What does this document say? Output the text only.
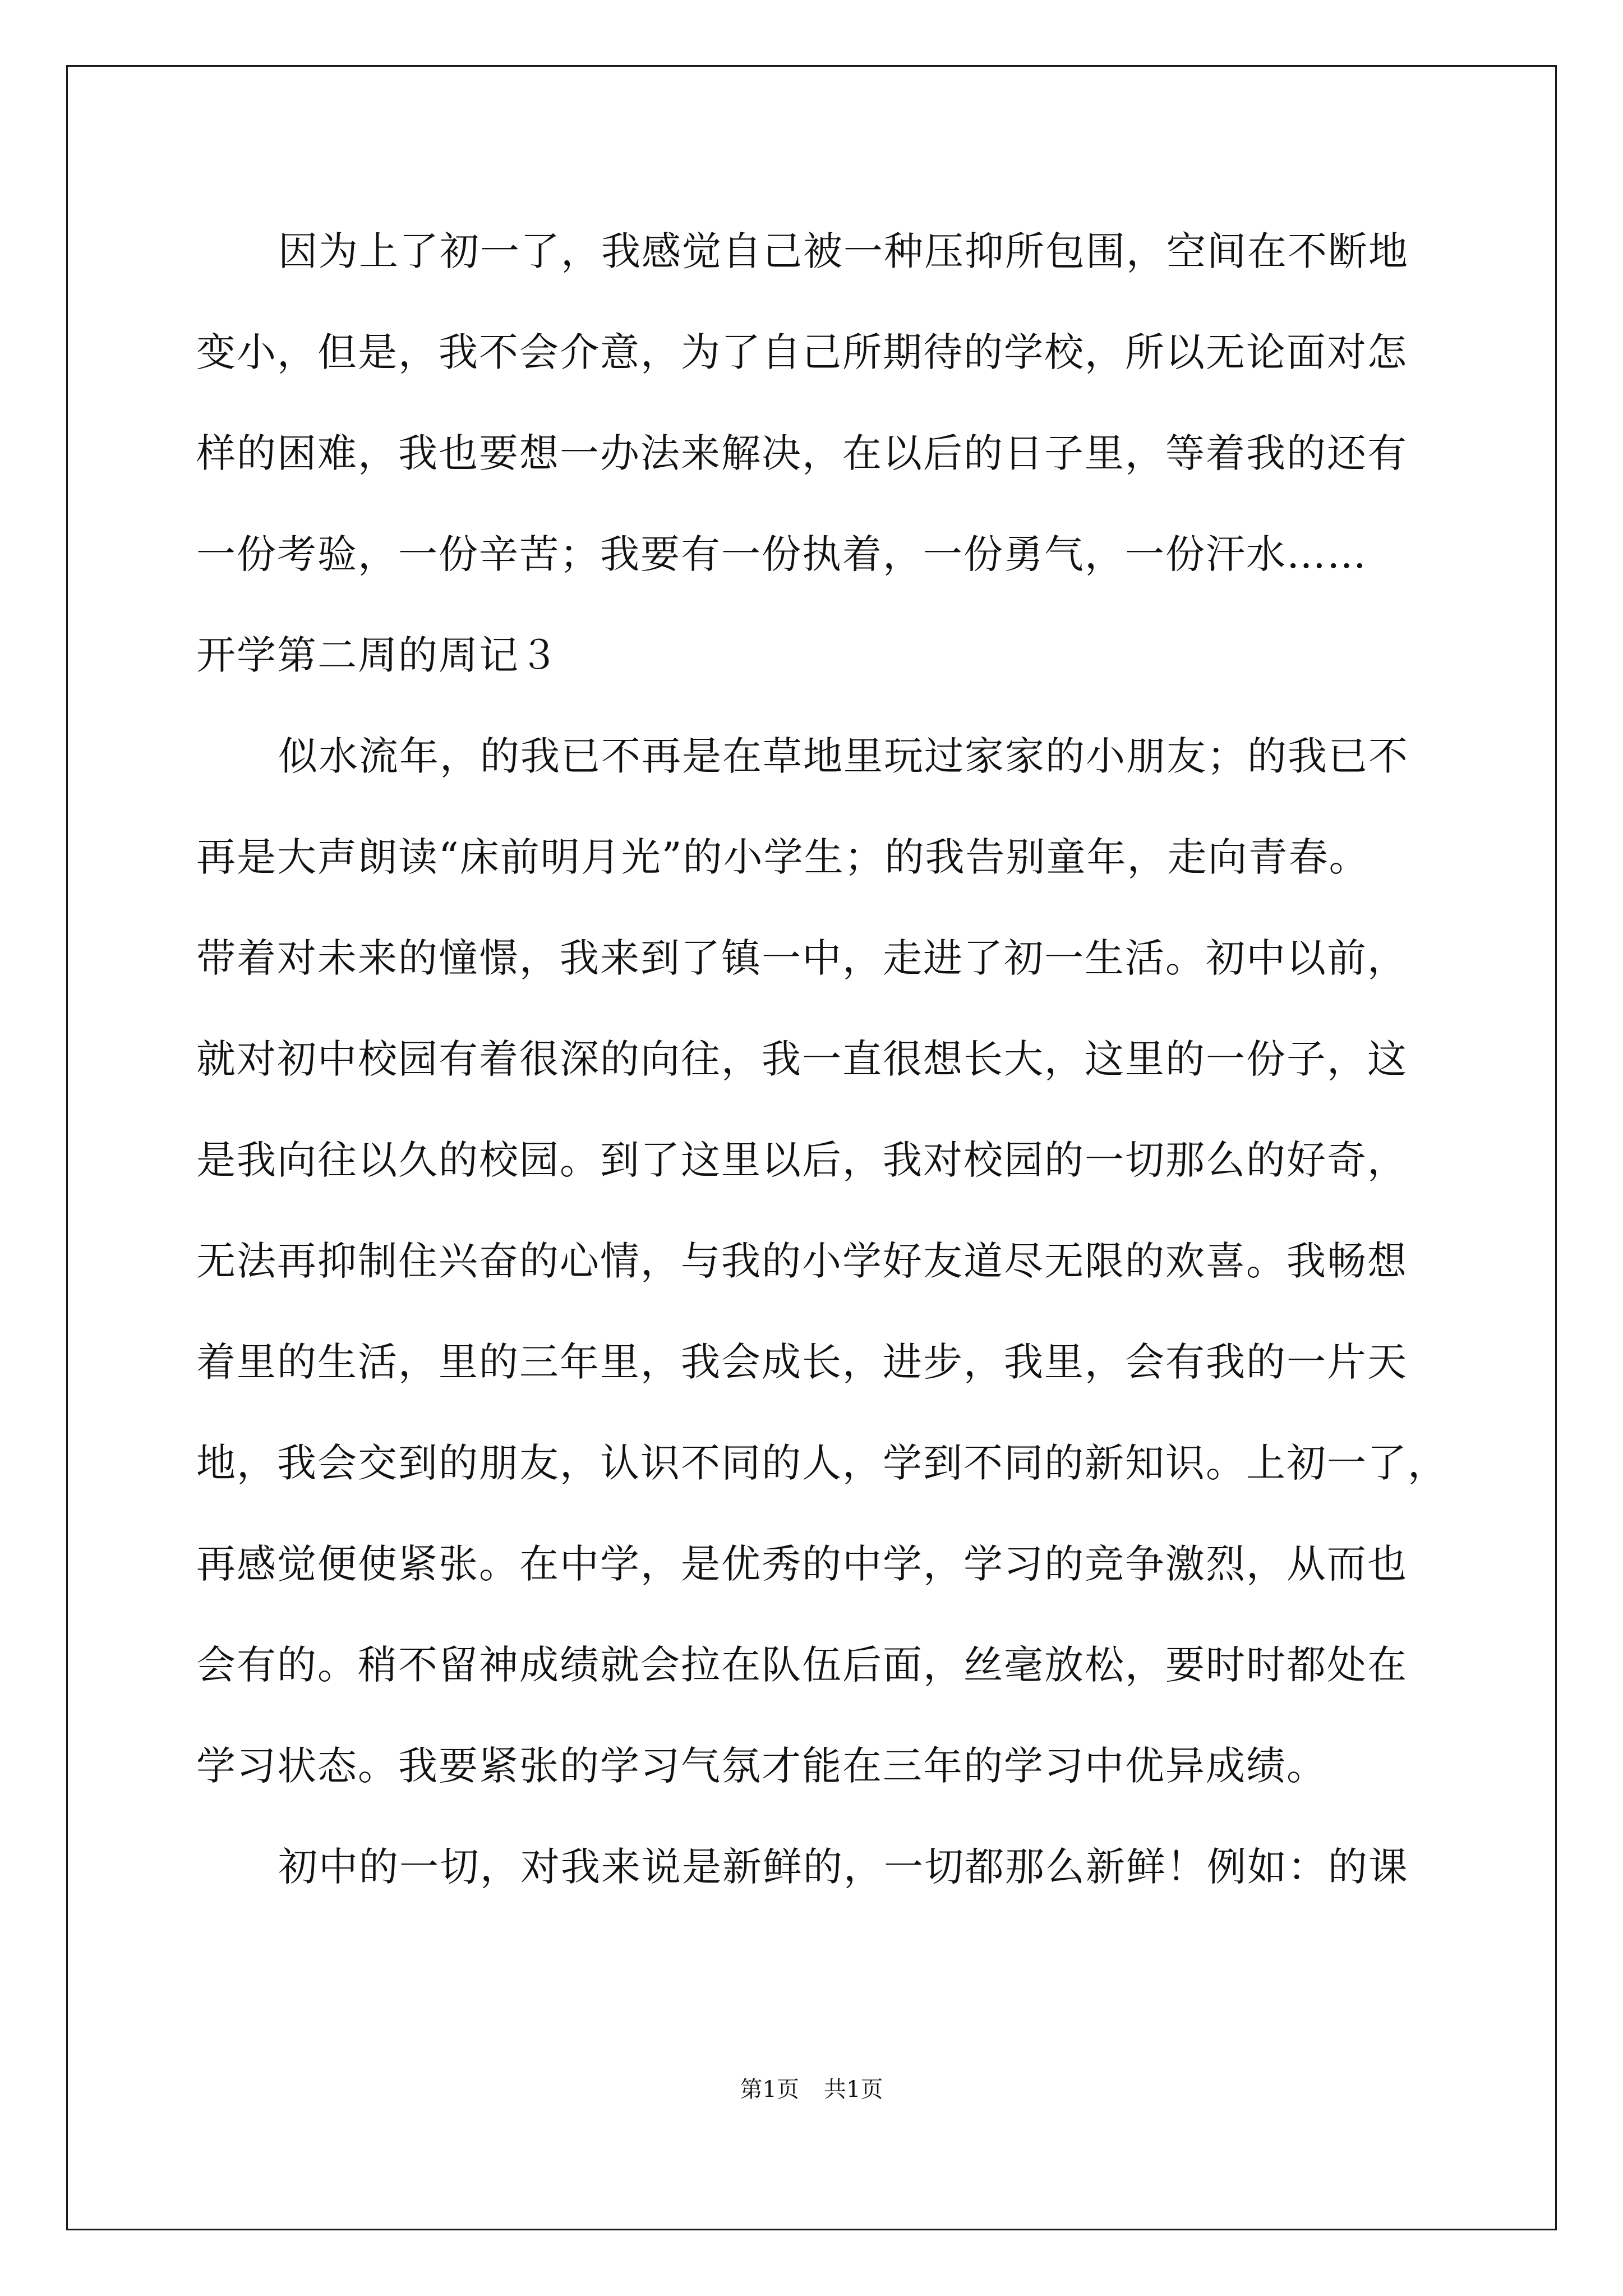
因为上了初一了，我感觉自己被一种压抑所包围，空间在不断地
变小，但是，我不会介意，为了自己所期待的学校，所以无论面对怎
样的困难，我也要想一办法来解决，在以后的日子里，等着我的还有
一份考验，一份辛苦；我要有一份执着，一份勇气，一份汗水……
开学第二周的周记３
似水流年，的我已不再是在草地里玩过家家的小朋友；的我已不
再是大声朗读“床前明月光”的小学生；的我告别童年，走向青春。
带着对未来的憧憬，我来到了镇一中，走进了初一生活。初中以前，
就对初中校园有着很深的向往，我一直很想长大，这里的一份子，这
是我向往以久的校园。到了这里以后，我对校园的一切那么的好奇，
无法再抑制住兴奋的心情，与我的小学好友道尽无限的欢喜。我畅想
着里的生活，里的三年里，我会成长，进步，我里，会有我的一片天
地，我会交到的朋友，认识不同的人，学到不同的新知识。上初一了，
再感觉便使紧张。在中学，是优秀的中学，学习的竞争激烈，从而也
会有的。稍不留神成绩就会拉在队伍后面，丝毫放松，要时时都处在
学习状态。我要紧张的学习气氛才能在三年的学习中优异成绩。
初中的一切，对我来说是新鲜的，一切都那么新鲜！例如：的课
第1页 共1页
